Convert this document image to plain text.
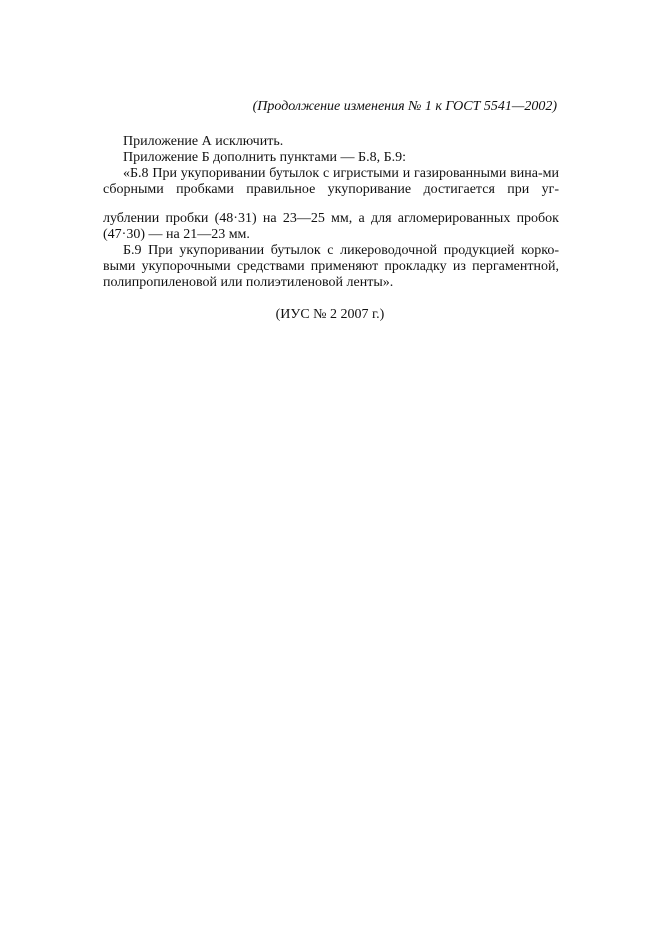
(Продолжение изменения № 1 к ГОСТ 5541—2002)

Приложение А исключить.

Приложение Б дополнить пунктами — Б.8, Б.9:

«Б.8 При укупоривании бутылок с игристыми и газированными вина-ми сборными пробками правильное укупоривание достигается при уг-

лублении пробки (48·31) на 23—25 мм, а для агломерированных пробок (47·30) — на 21—23 мм.

Б.9 При укупоривании бутылок с ликероводочной продукцией корко-выми укупорочными средствами применяют прокладку из пергаментной, полипропиленовой или полиэтиленовой ленты».

(ИУС № 2 2007 г.)
